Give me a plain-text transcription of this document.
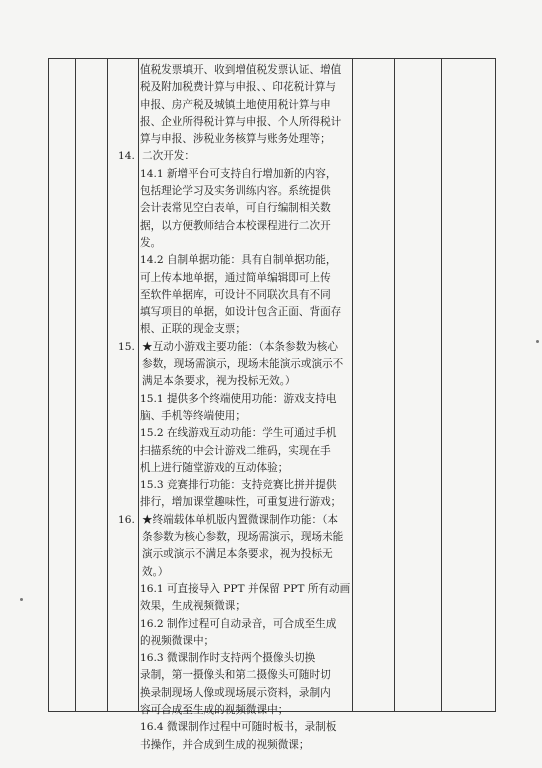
值税发票填开、收到增值税发票认证、增值

税及附加税费计算与申报、、印花税计算与

申报、房产税及城镇土地使用税计算与申

报、企业所得税计算与申报、个人所得税计

算与申报、涉税业务核算与账务处理等；

14. 二次开发：

14.1 新增平台可支持自行增加新的内容，

包括理论学习及实务训练内容。系统提供

会计表常见空白表单，可自行编制相关数

据，以方便教师结合本校课程进行二次开

发。

14.2 自制单据功能：具有自制单据功能，

可上传本地单据，通过简单编辑即可上传

至软件单据库，可设计不同联次具有不同

填写项目的单据，如设计包含正面、背面存

根、正联的现金支票；

15. ★互动小游戏主要功能：（本条参数为核心

参数，现场需演示，现场未能演示或演示不

满足本条要求，视为投标无效。）

15.1 提供多个终端使用功能：游戏支持电

脑、手机等终端使用；

15.2 在线游戏互动功能：学生可通过手机

扫描系统的中会计游戏二维码，实现在手

机上进行随堂游戏的互动体验；

15.3 竞赛排行功能：支持竞赛比拼并提供

排行，增加课堂趣味性，可重复进行游戏；

16. ★终端载体单机版内置微课制作功能：（本

条参数为核心参数，现场需演示，现场未能

演示或演示不满足本条要求，视为投标无

效。）

16.1 可直接导入 PPT 并保留 PPT 所有动画

效果，生成视频微课；

16.2 制作过程可自动录音，可合成至生成

的视频微课中；

16.3 微课制作时支持两个摄像头切换

录制，第一摄像头和第二摄像头可随时切

换录制现场人像或现场展示资料，录制内

容可合成至生成的视频微课中；

16.4 微课制作过程中可随时板书，录制板

书操作，并合成到生成的视频微课；
